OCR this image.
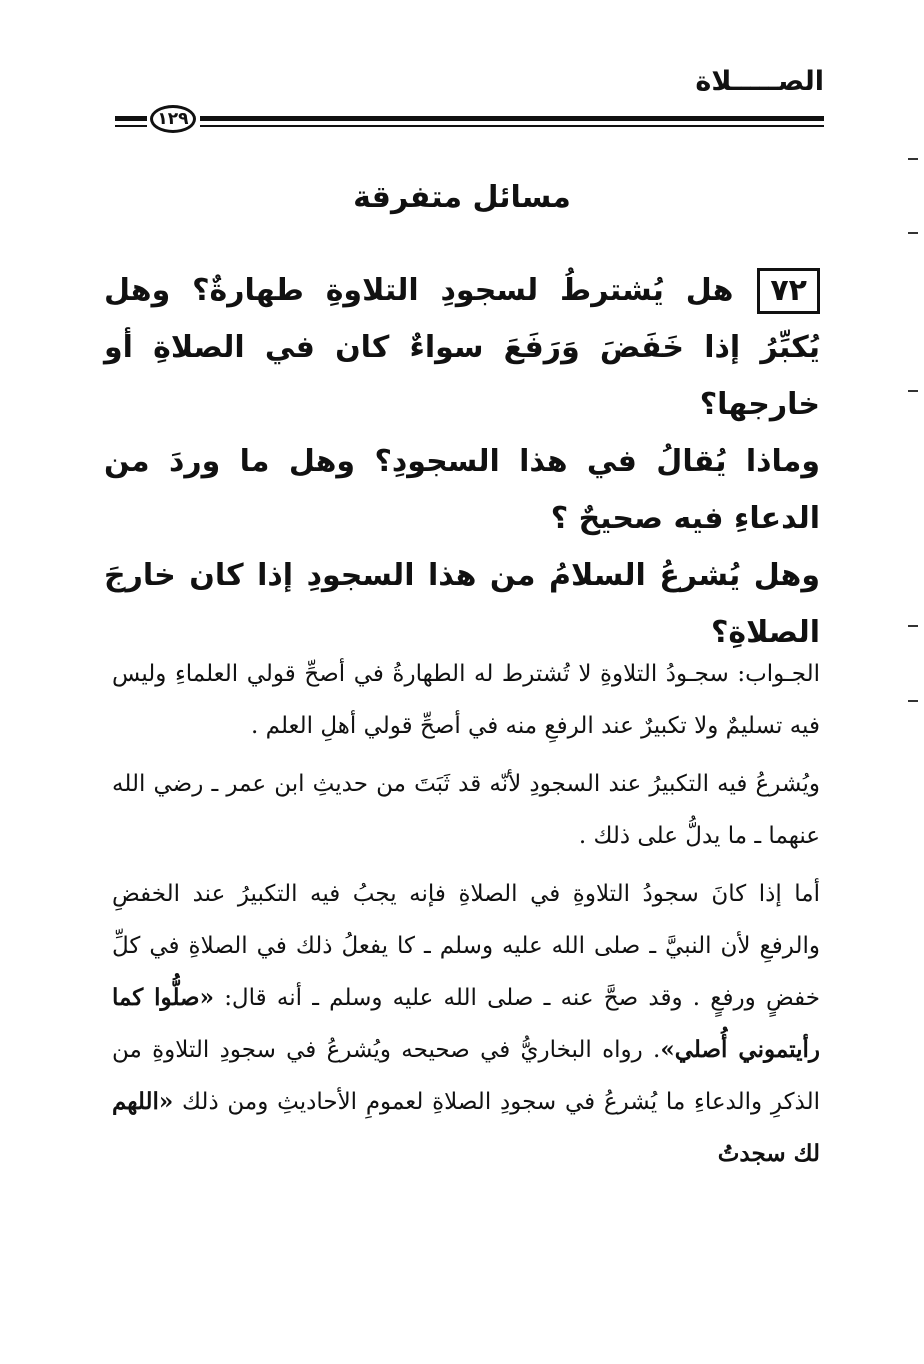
الصـــــلاة
١٢٩
مسائل متفرقة

٧٢هل يُشترطُ لسجودِ التلاوةِ طهارةٌ؟ وهل يُكبِّرُ إذا خَفَضَ وَرَفَعَ سواءٌ كان في الصلاةِ أو خارجها؟

وماذا يُقالُ في هذا السجودِ؟ وهل ما وردَ من الدعاءِ فيه صحيحٌ ؟

وهل يُشرعُ السلامُ من هذا السجودِ إذا كان خارجَ الصلاةِ؟

الجـواب: سجـودُ التلاوةِ لا تُشترط له الطهارةُ في أصحِّ قولي العلماءِ وليس فيه تسليمٌ ولا تكبيرٌ عند الرفعِ منه في أصحِّ قولي أهلِ العلم .

ويُشرعُ فيه التكبيرُ عند السجودِ لأنّه قد ثَبَتَ من حديثِ ابن عمر ـ رضي الله عنهما ـ ما يدلُّ على ذلك .

أما إذا كانَ سجودُ التلاوةِ في الصلاةِ فإنه يجبُ فيه التكبيرُ عند الخفضِ والرفعِ لأن النبيَّ ـ صلى الله عليه وسلم ـ كا يفعلُ ذلك في الصلاةِ في كلِّ خفضٍ ورفعٍ . وقد صحَّ عنه ـ صلى الله عليه وسلم ـ أنه قال: «صلُّوا كما رأيتموني أُصلي». رواه البخاريُّ في صحيحه ويُشرعُ في سجودِ التلاوةِ من الذكرِ والدعاءِ ما يُشرعُ في سجودِ الصلاةِ لعمومِ الأحاديثِ ومن ذلك «اللهم لك سجدتُ
